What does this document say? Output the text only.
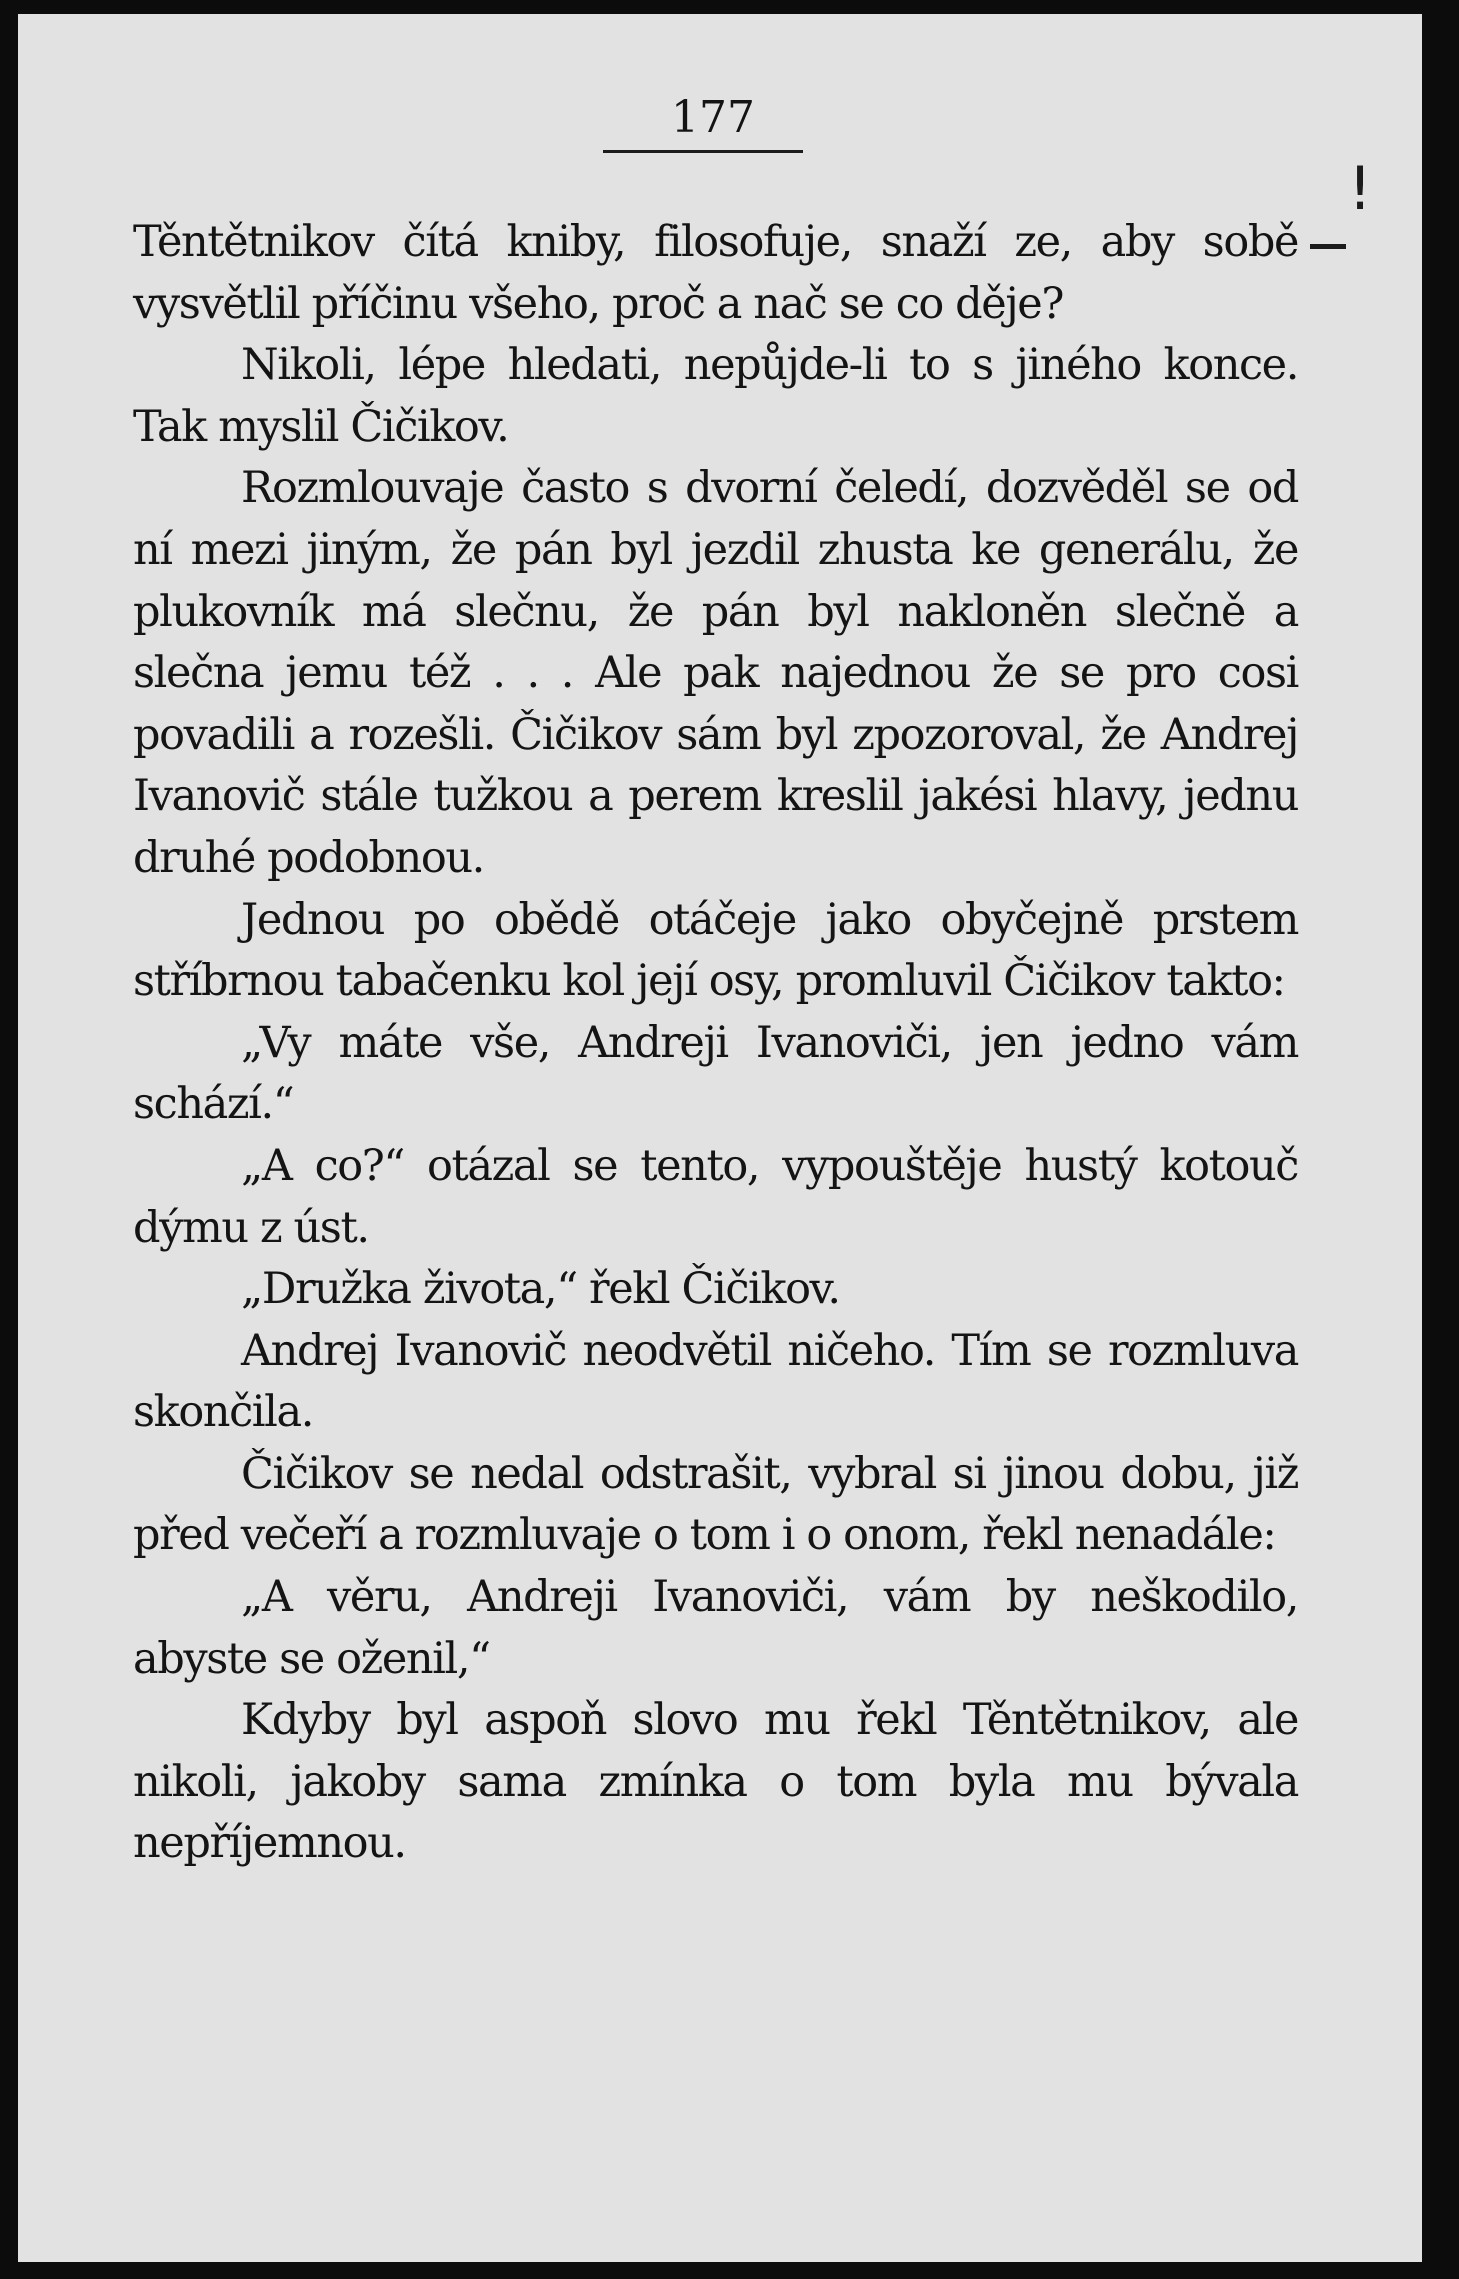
177
!

Těntětnikov čítá kniby, filosofuje, snaží ze, aby sobě vysvětlil příčinu všeho, proč a nač se co děje?

Nikoli, lépe hledati, nepůjde-li to s jiného konce. Tak myslil Čičikov.

Rozmlouvaje často s dvorní čeledí, dozvěděl se od ní mezi jiným, že pán byl jezdil zhusta ke generálu, že plukovník má slečnu, že pán byl nakloněn slečně a slečna jemu též . . . Ale pak najednou že se pro cosi povadili a rozešli. Čičikov sám byl zpozoroval, že Andrej Ivanovič stále tužkou a perem kreslil jakési hlavy, jednu druhé podobnou.

Jednou po obědě otáčeje jako obyčejně prstem stříbrnou tabačenku kol její osy, promluvil Čičikov takto:

„Vy máte vše, Andreji Ivanoviči, jen jedno vám schází.“

„A co?“ otázal se tento, vypouštěje hustý kotouč dýmu z úst.

„Družka života,“ řekl Čičikov.

Andrej Ivanovič neodvětil ničeho. Tím se rozmluva skončila.

Čičikov se nedal odstrašit, vybral si jinou dobu, již před večeří a rozmluvaje o tom i o onom, řekl nenadále:

„A věru, Andreji Ivanoviči, vám by neškodilo, abyste se oženil,“

Kdyby byl aspoň slovo mu řekl Těntětnikov, ale nikoli, jakoby sama zmínka o tom byla mu bývala nepříjemnou.
